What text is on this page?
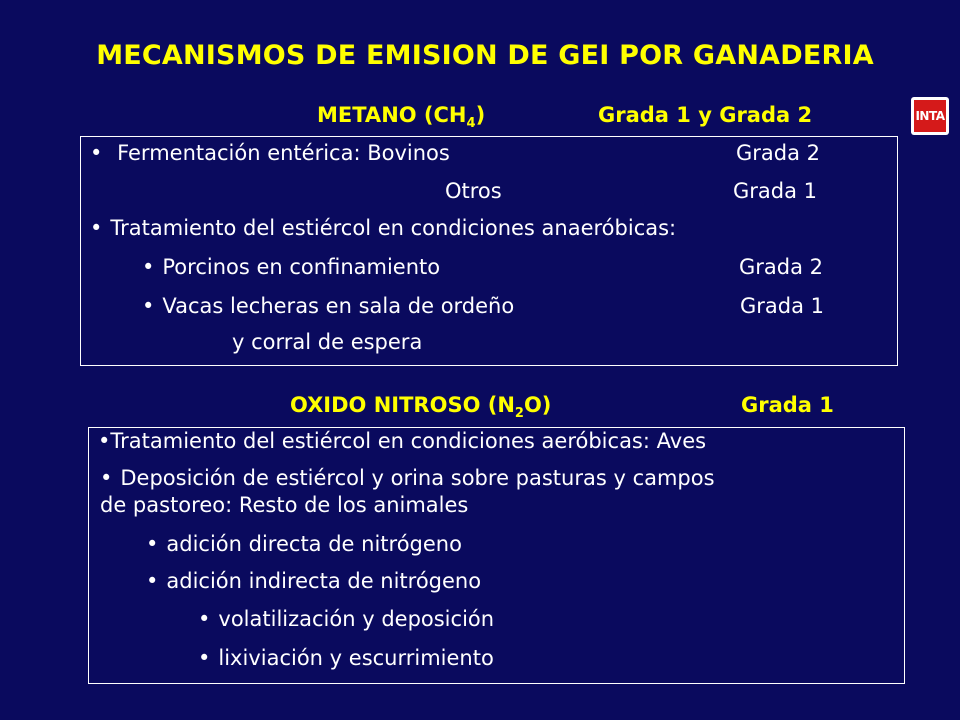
MECANISMOS DE EMISION DE GEI POR GANADERIA
INTA
METANO $(CH_4)$	Grada 1 y Grada 2
• Fermentación entérica: Bovinos	Grada 2
Otros	Grada 1
• Tratamiento del estiércol en condiciones anaeróbicas:
• Porcinos en confinamiento	Grada 2
• Vacas lecheras en sala de ordeño	Grada 1
y corral de espera
OXIDO NITROSO $(N_2O)$	Grada 1
•Tratamiento del estiércol en condiciones aeróbicas: Aves
• Deposición de estiércol y orina sobre pasturas y campos
de pastoreo: Resto de los animales
• adición directa de nitrógeno
• adición indirecta de nitrógeno
• volatilización y deposición
• lixiviación y escurrimiento
